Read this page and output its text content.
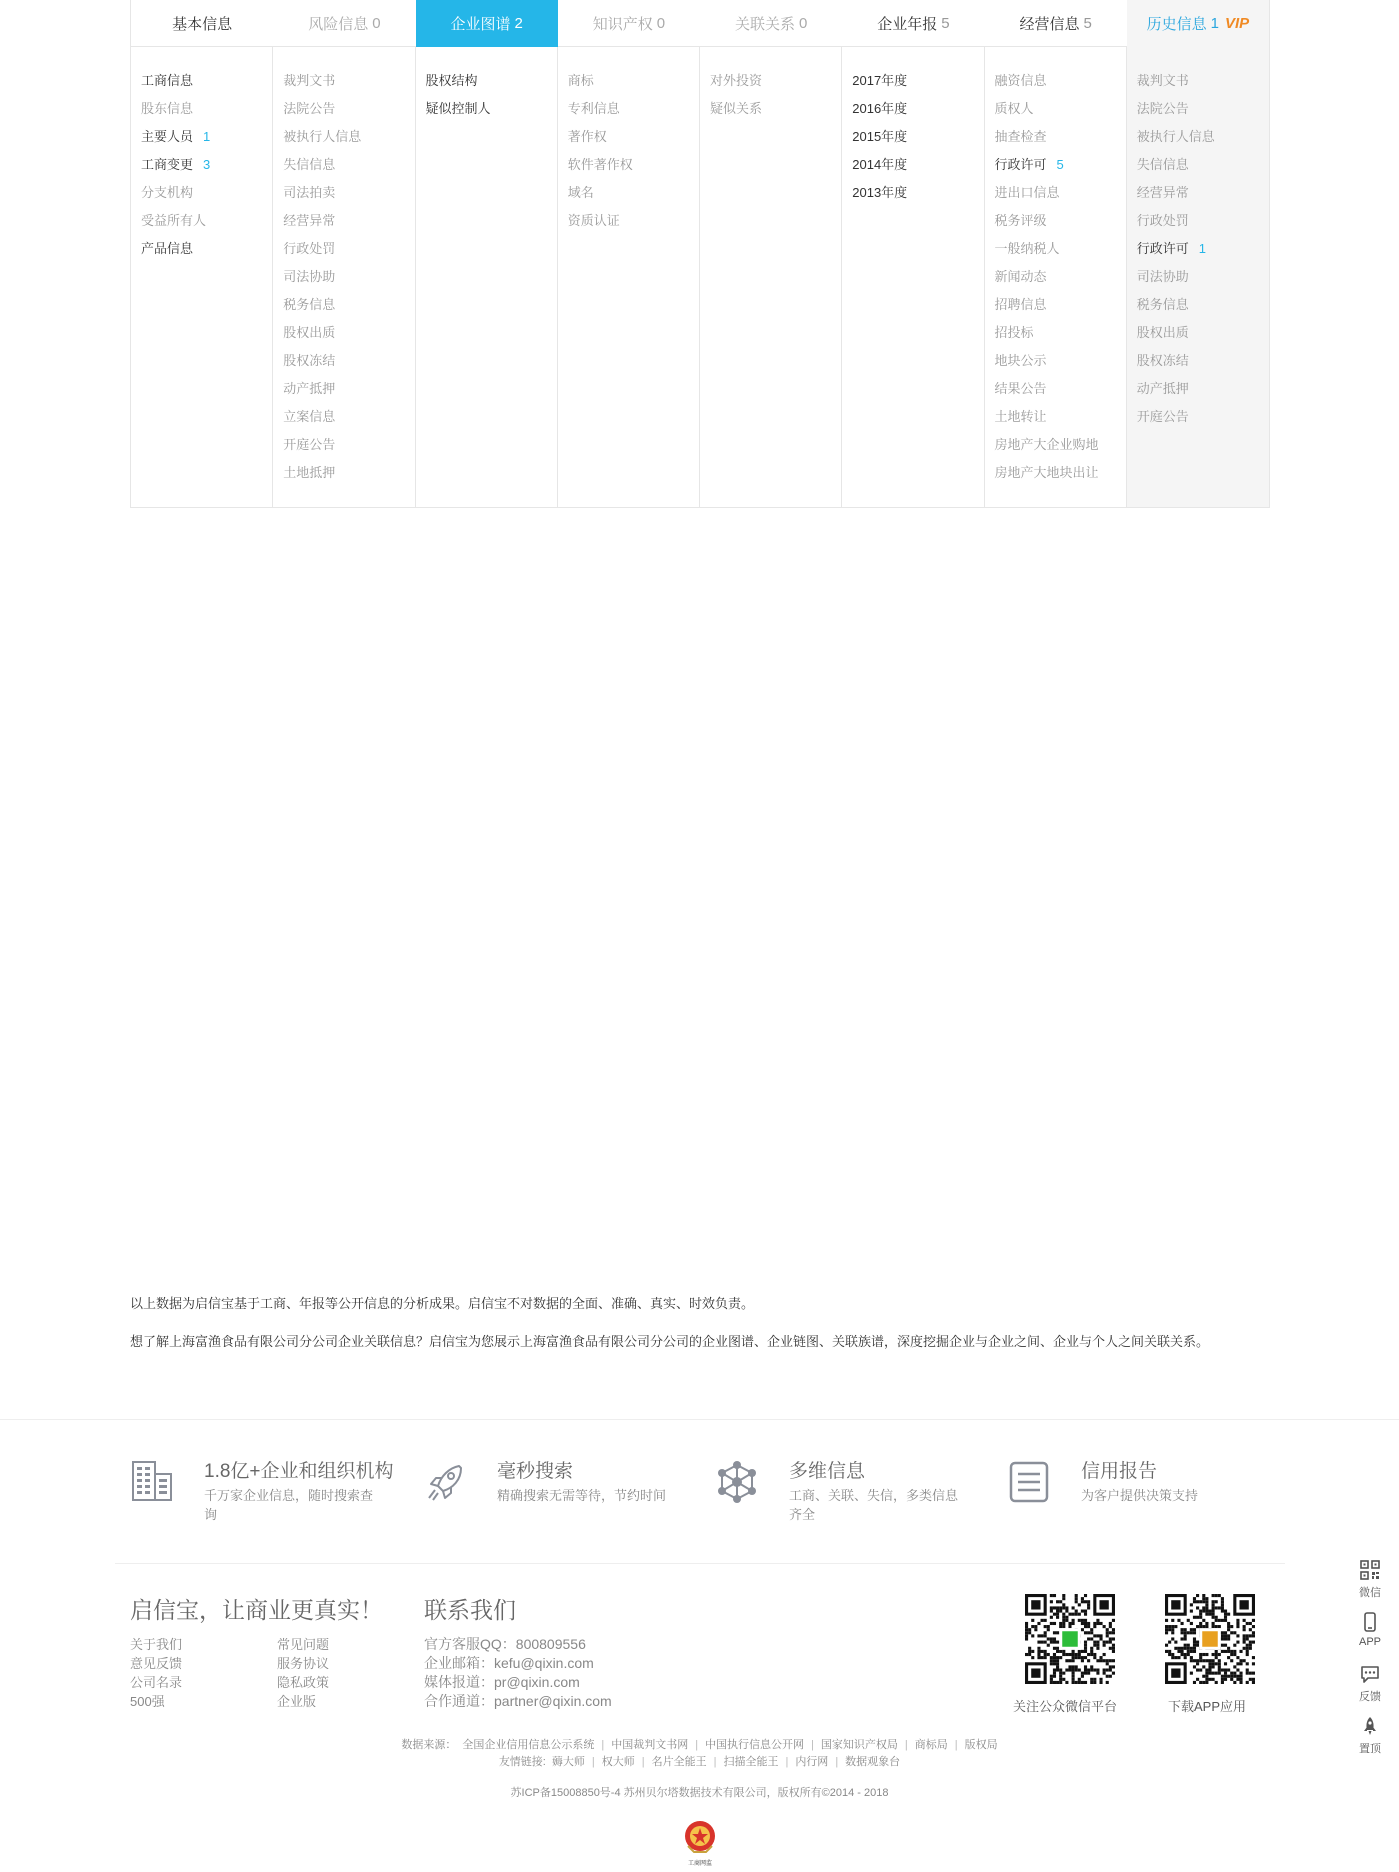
基本信息	风险信息 0	企业图谱 2	知识产权 0	关联关系 0	企业年报 5	经营信息 5	历史信息 1 VIP
工商信息
股东信息
主要人员 1
工商变更 3
分支机构
受益所有人
产品信息
裁判文书
法院公告
被执行人信息
失信信息
司法拍卖
经营异常
行政处罚
司法协助
税务信息
股权出质
股权冻结
动产抵押
立案信息
开庭公告
土地抵押
股权结构
疑似控制人
商标
专利信息
著作权
软件著作权
域名
资质认证
对外投资
疑似关系
2017年度
2016年度
2015年度
2014年度
2013年度
融资信息
质权人
抽查检查
行政许可 5
进出口信息
税务评级
一般纳税人
新闻动态
招聘信息
招投标
地块公示
结果公告
土地转让
房地产大企业购地
房地产大地块出让
裁判文书
法院公告
被执行人信息
失信信息
经营异常
行政处罚
行政许可 1
司法协助
税务信息
股权出质
股权冻结
动产抵押
开庭公告

以上数据为启信宝基于工商、年报等公开信息的分析成果。启信宝不对数据的全面、准确、真实、时效负责。

想了解上海富渔食品有限公司分公司企业关联信息？启信宝为您展示上海富渔食品有限公司分公司的企业图谱、企业链图、关联族谱，深度挖掘企业与企业之间、企业与个人之间关联关系。

1.8亿+企业和组织机构
千万家企业信息，随时搜索查
询
毫秒搜索
精确搜索无需等待，节约时间
多维信息
工商、关联、失信，多类信息
齐全
信用报告
为客户提供决策支持
启信宝，让商业更真实！
关于我们
意见反馈
公司名录
500强
常见问题
服务协议
隐私政策
企业版
联系我们
官方客服QQ：800809556
企业邮箱：kefu@qixin.com
媒体报道：pr@qixin.com
合作通道：partner@qixin.com	关注公众微信平台	下载APP应用
数据来源： 全国企业信用信息公示系统 | 中国裁判文书网 | 中国执行信息公开网 | 国家知识产权局 | 商标局 | 版权局
友情链接: 薅大师 | 权大师 | 名片全能王 | 扫描全能王 | 内行网 | 数据观象台
苏ICP备15008850号-4 苏州贝尔塔数据技术有限公司，版权所有©2014 - 2018
工商网监
微信
APP
反馈
置顶
